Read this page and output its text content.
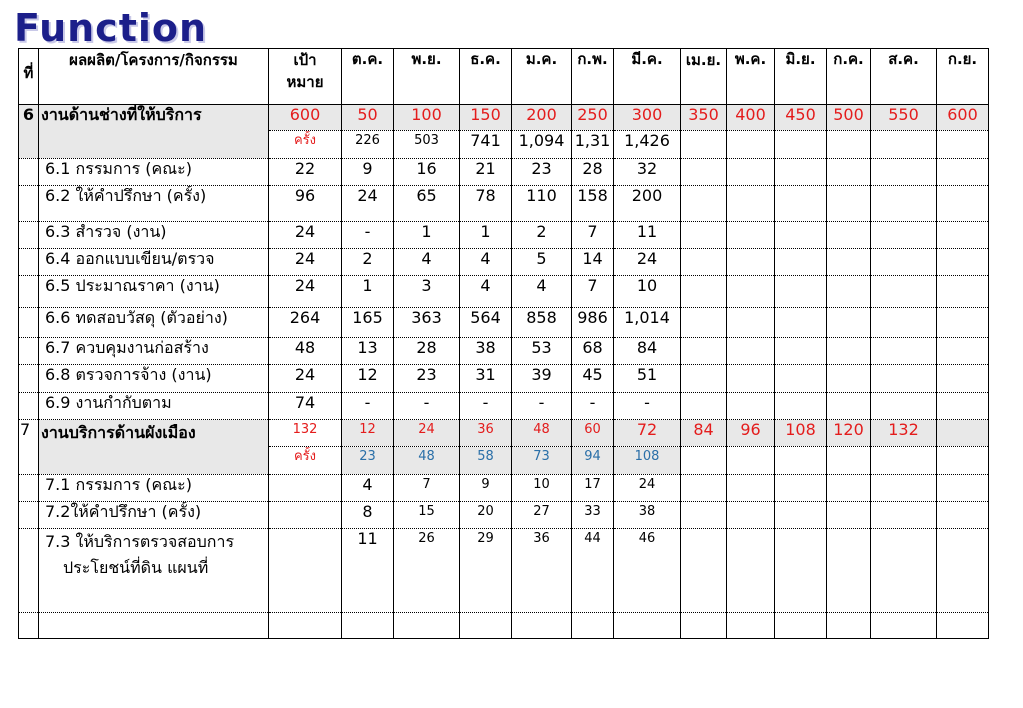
Function
ที่	ผลผลิต/โครงการ/กิจกรรม	เป้าหมาย	ต.ค.	พ.ย.	ธ.ค.	ม.ค.	ก.พ.	มี.ค.	เม.ย.	พ.ค.	มิ.ย.	ก.ค.	ส.ค.	ก.ย.
6	งานด้านช่างที่ให้บริการ	600	50	100	150	200	250	300	350	400	450	500	550	600
		ครั้ง	226	503	741	1,094	1,31	1,426						
	6.1 กรรมการ (คณะ)	22	9	16	21	23	28	32						
	6.2 ให้คำปรึกษา (ครั้ง)	96	24	65	78	110	158	200						
	6.3 สำรวจ (งาน)	24	-	1	1	2	7	11						
	6.4 ออกแบบเขียน/ตรวจ	24	2	4	4	5	14	24						
	6.5 ประมาณราคา (งาน)	24	1	3	4	4	7	10						
	6.6 ทดสอบวัสดุ (ตัวอย่าง)	264	165	363	564	858	986	1,014						
	6.7 ควบคุมงานก่อสร้าง	48	13	28	38	53	68	84						
	6.8 ตรวจการจ้าง (งาน)	24	12	23	31	39	45	51						
	6.9 งานกำกับตาม	74	-	-	-	-	-	-						
7	งานบริการด้านผังเมือง	132	12	24	36	48	60	72	84	96	108	120	132	
		ครั้ง	23	48	58	73	94	108						
	7.1 กรรมการ (คณะ)		4	7	9	10	17	24						
	7.2ให้คำปรึกษา (ครั้ง)		8	15	20	27	33	38						

	7.3 ให้บริการตรวจสอบการ
ประโยชน์ที่ดิน แผนที่		11	26	29	36	44	46						
